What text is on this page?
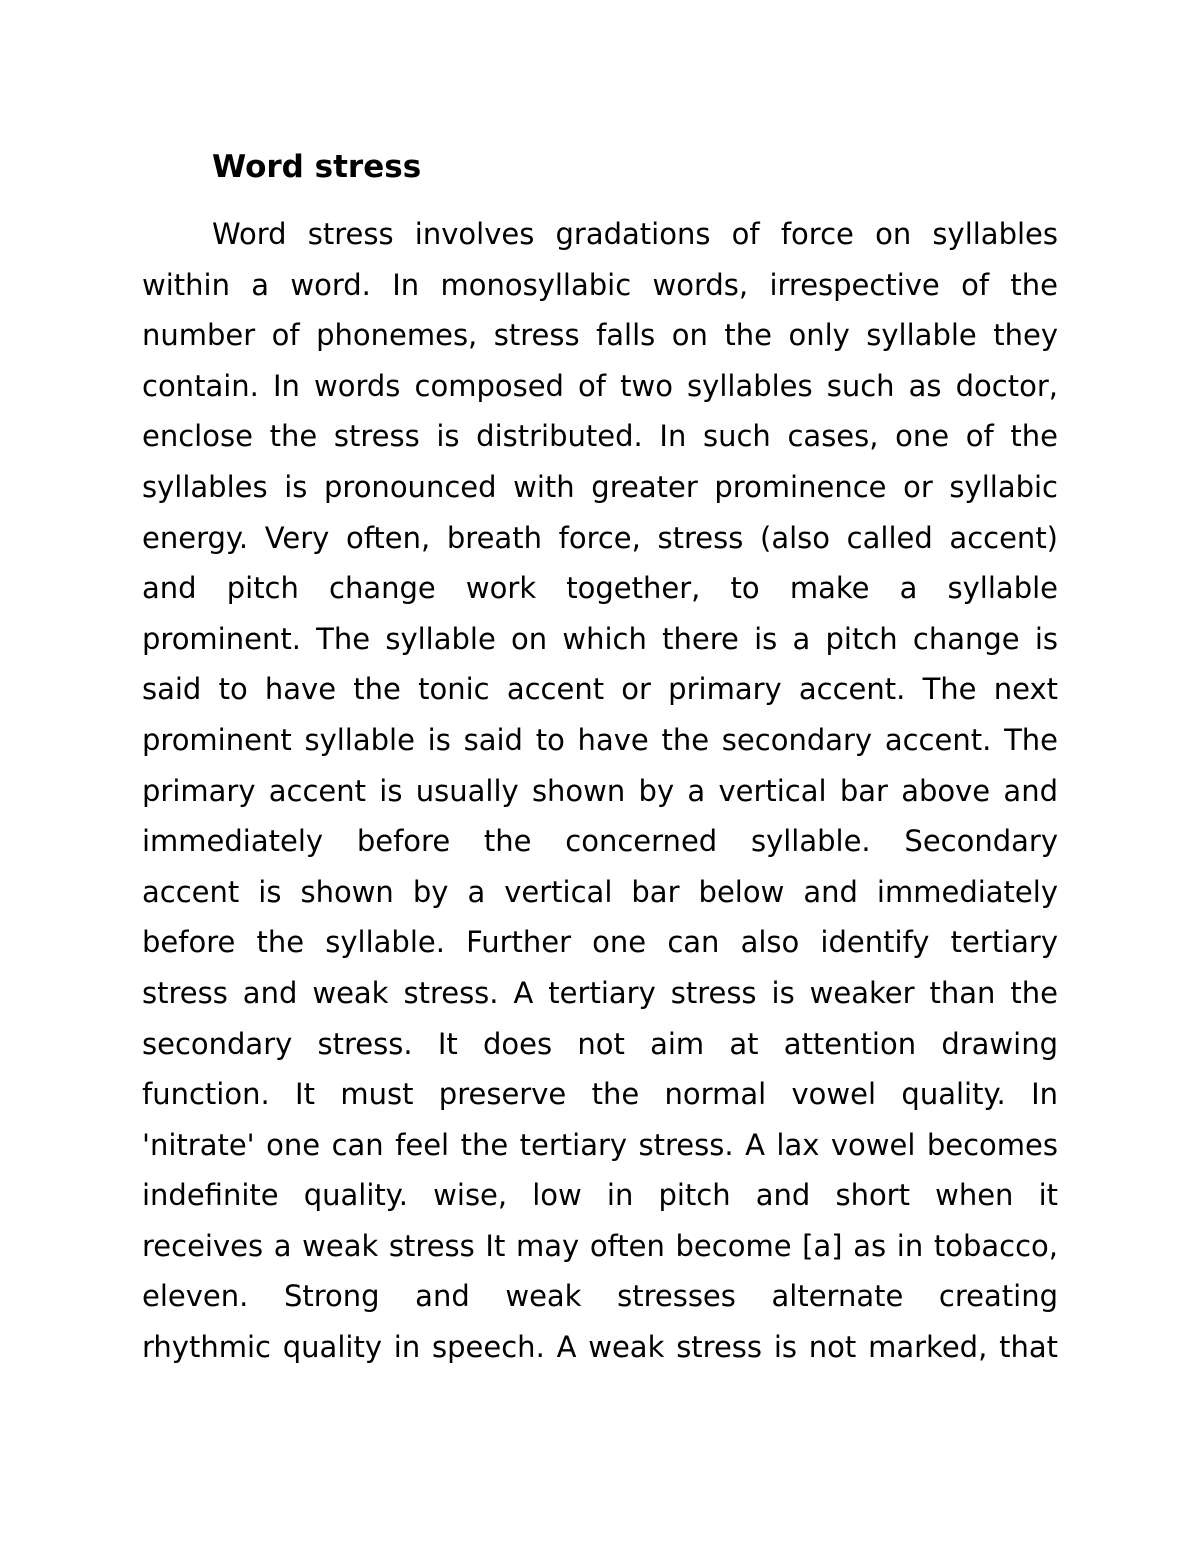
Word stress
Word stress involves gradations of force on syllables
within a word. In monosyllabic words, irrespective of the
number of phonemes, stress falls on the only syllable they
contain. In words composed of two syllables such as doctor,
enclose the stress is distributed. In such cases, one of the
syllables is pronounced with greater prominence or syllabic
energy. Very often, breath force, stress (also called accent)
and pitch change work together, to make a syllable
prominent. The syllable on which there is a pitch change is
said to have the tonic accent or primary accent. The next
prominent syllable is said to have the secondary accent. The
primary accent is usually shown by a vertical bar above and
immediately before the concerned syllable. Secondary
accent is shown by a vertical bar below and immediately
before the syllable. Further one can also identify tertiary
stress and weak stress. A tertiary stress is weaker than the
secondary stress. It does not aim at attention drawing
function. It must preserve the normal vowel quality. In
'nitrate' one can feel the tertiary stress. A lax vowel becomes
indefinite quality. wise, low in pitch and short when it
receives a weak stress It may often become [a] as in tobacco,
eleven. Strong and weak stresses alternate creating
rhythmic quality in speech. A weak stress is not marked, that
